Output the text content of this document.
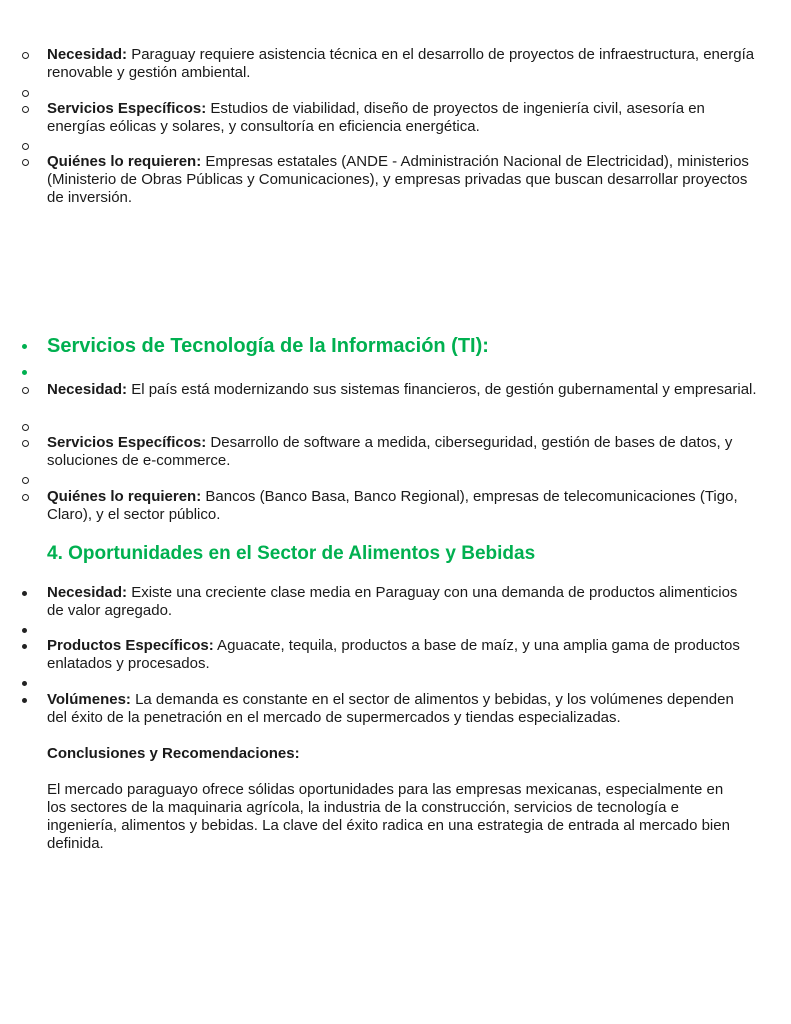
Necesidad: Paraguay requiere asistencia técnica en el desarrollo de proyectos de infraestructura, energía renovable y gestión ambiental.
Servicios Específicos: Estudios de viabilidad, diseño de proyectos de ingeniería civil, asesoría en energías eólicas y solares, y consultoría en eficiencia energética.
Quiénes lo requieren: Empresas estatales (ANDE - Administración Nacional de Electricidad), ministerios (Ministerio de Obras Públicas y Comunicaciones), y empresas privadas que buscan desarrollar proyectos de inversión.
Servicios de Tecnología de la Información (TI):
Necesidad: El país está modernizando sus sistemas financieros, de gestión gubernamental y empresarial.
Servicios Específicos: Desarrollo de software a medida, ciberseguridad, gestión de bases de datos, y soluciones de e-commerce.
Quiénes lo requieren: Bancos (Banco Basa, Banco Regional), empresas de telecomunicaciones (Tigo, Claro), y el sector público.
4. Oportunidades en el Sector de Alimentos y Bebidas
Necesidad: Existe una creciente clase media en Paraguay con una demanda de productos alimenticios de valor agregado.
Productos Específicos: Aguacate, tequila, productos a base de maíz, y una amplia gama de productos enlatados y procesados.
Volúmenes: La demanda es constante en el sector de alimentos y bebidas, y los volúmenes dependen del éxito de la penetración en el mercado de supermercados y tiendas especializadas.
Conclusiones y Recomendaciones:
El mercado paraguayo ofrece sólidas oportunidades para las empresas mexicanas, especialmente en los sectores de la maquinaria agrícola, la industria de la construcción, servicios de tecnología e ingeniería, alimentos y bebidas. La clave del éxito radica en una estrategia de entrada al mercado bien definida.
